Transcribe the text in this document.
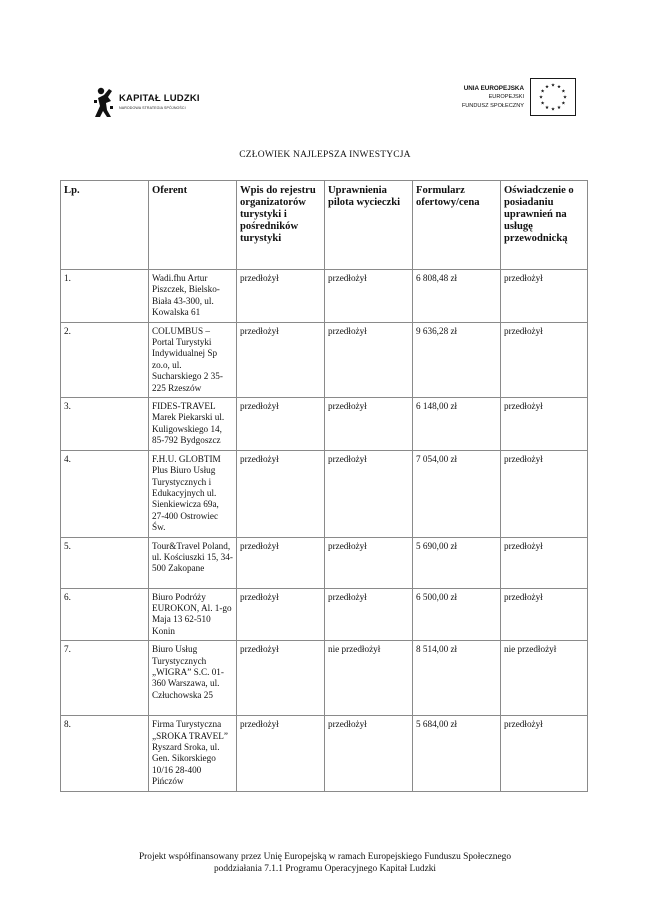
KAPITAŁ LUDZKI
NARODOWA STRATEGIA SPÓJNOŚCI
UNIA EUROPEJSKA
EUROPEJSKI
FUNDUSZ SPOŁECZNY
CZŁOWIEK NAJLEPSZA INWESTYCJA
Lp.	Oferent	Wpis do rejestru organizatorów turystyki i pośredników turystyki	Uprawnienia pilota wycieczki	Formularz ofertowy/cena	Oświadczenie o posiadaniu uprawnień na usługę przewodnicką
1.	Wadi.fhu Artur Piszczek, Bielsko-Biała 43-300, ul. Kowalska 61	przedłożył	przedłożył	6 808,48 zł	przedłożył
2.	COLUMBUS – Portal Turystyki Indywidualnej Sp zo.o, ul. Sucharskiego 2 35-225 Rzeszów	przedłożył	przedłożył	9 636,28 zł	przedłożył
3.	FIDES-TRAVEL Marek Piekarski ul. Kuligowskiego 14, 85-792 Bydgoszcz	przedłożył	przedłożył	6 148,00 zł	przedłożył
4.	F.H.U. GLOBTIM Plus Biuro Usług Turystycznych i Edukacyjnych ul. Sienkiewicza 69a, 27-400 Ostrowiec Św.	przedłożył	przedłożył	7 054,00 zł	przedłożył
5.	Tour&Travel Poland, ul. Kościuszki 15, 34-500 Zakopane	przedłożył	przedłożył	5 690,00 zł	przedłożył
6.	Biuro Podróży EUROKON, Al. 1-go Maja 13 62-510 Konin	przedłożył	przedłożył	6 500,00 zł	przedłożył
7.	Biuro Usług Turystycznych „WIGRA” S.C. 01-360 Warszawa, ul. Człuchowska 25	przedłożył	nie przedłożył	8 514,00 zł	nie przedłożył
8.	Firma Turystyczna „SROKA TRAVEL” Ryszard Sroka, ul. Gen. Sikorskiego 10/16 28-400 Pińczów	przedłożył	przedłożył	5 684,00 zł	przedłożył
Projekt współfinansowany przez Unię Europejską w ramach Europejskiego Funduszu Społecznego
poddziałania 7.1.1 Programu Operacyjnego Kapitał Ludzki
